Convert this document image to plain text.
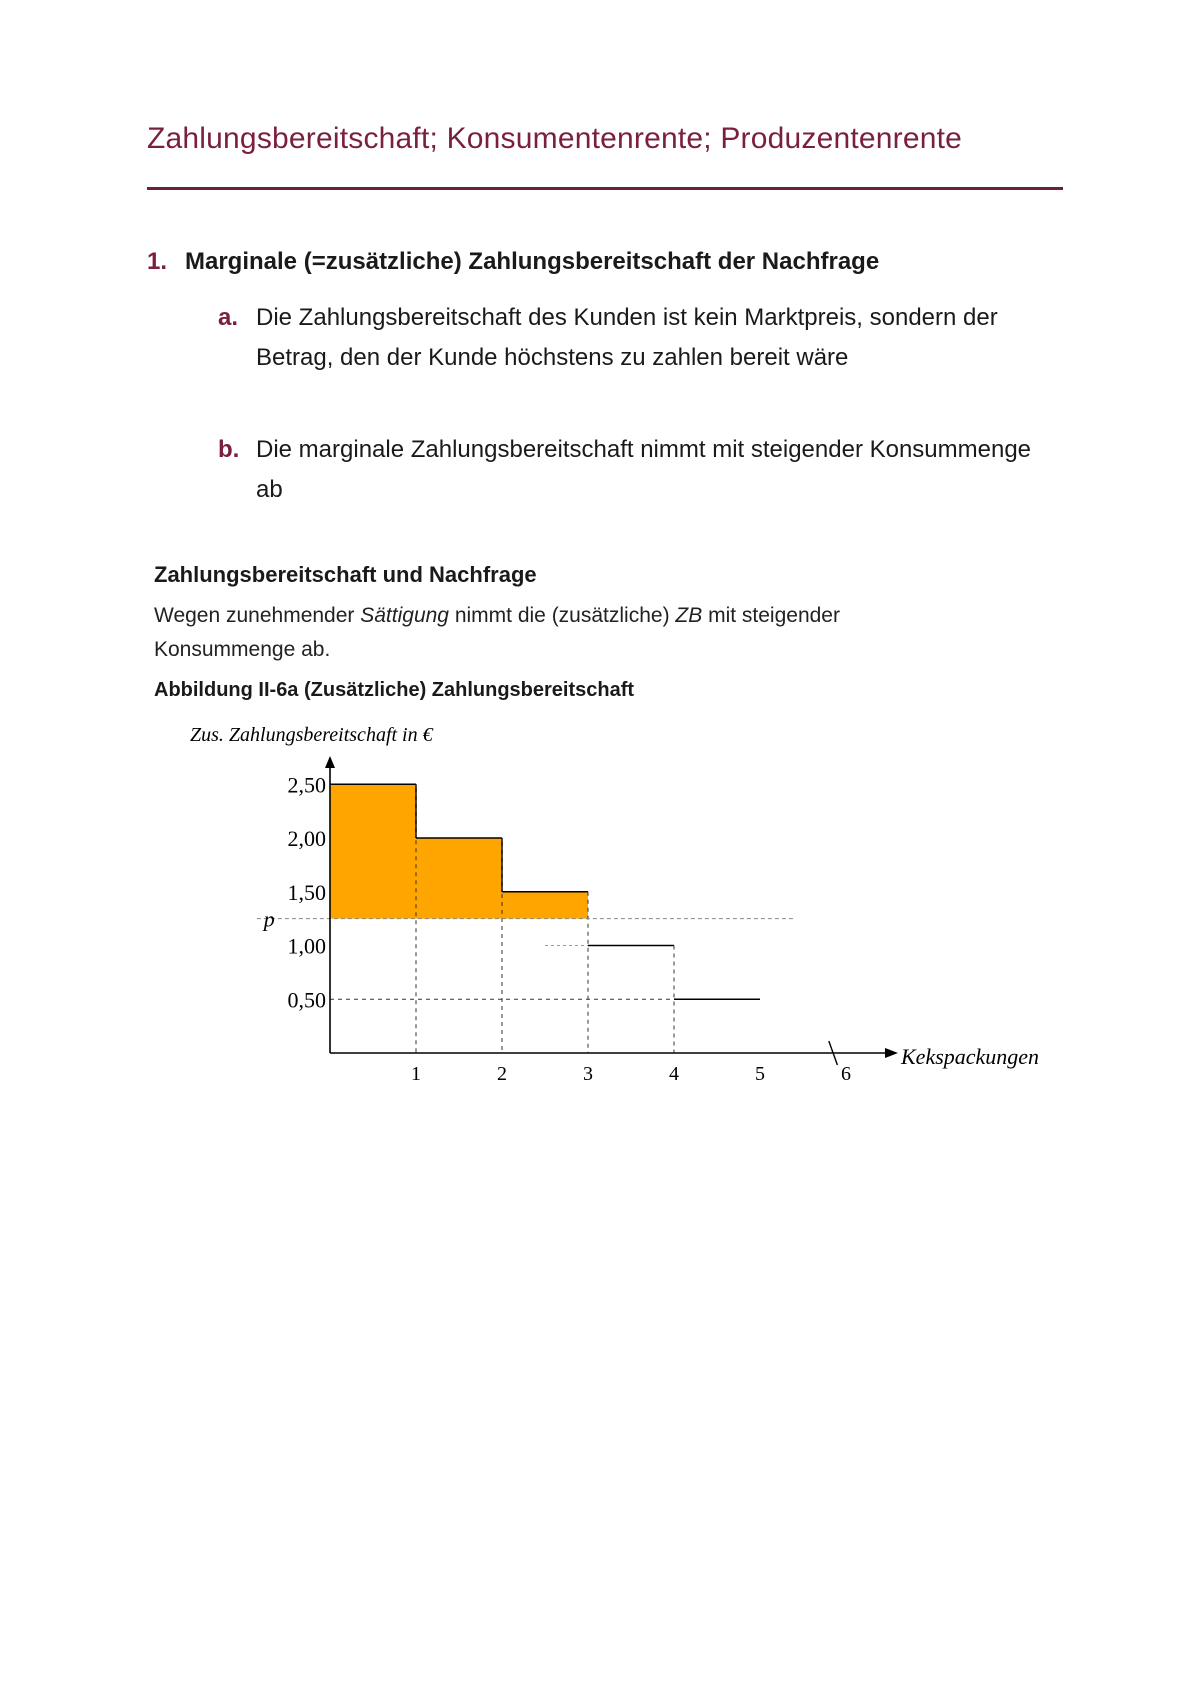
Zahlungsbereitschaft; Konsumentenrente; Produzentenrente
1. Marginale (=zusätzliche) Zahlungsbereitschaft der Nachfrage
a. Die Zahlungsbereitschaft des Kunden ist kein Marktpreis, sondern der Betrag, den der Kunde höchstens zu zahlen bereit wäre
b. Die marginale Zahlungsbereitschaft nimmt mit steigender Konsummenge ab
Zahlungsbereitschaft und Nachfrage
Wegen zunehmender Sättigung nimmt die (zusätzliche) ZB mit steigender Konsummenge ab.
Abbildung II-6a (Zusätzliche) Zahlungsbereitschaft
p
0,50
1,00
1,50
2,00
2,50
1	2	3	4	5	6
Zus. Zahlungsbereitschaft in €
Kekspackungen
